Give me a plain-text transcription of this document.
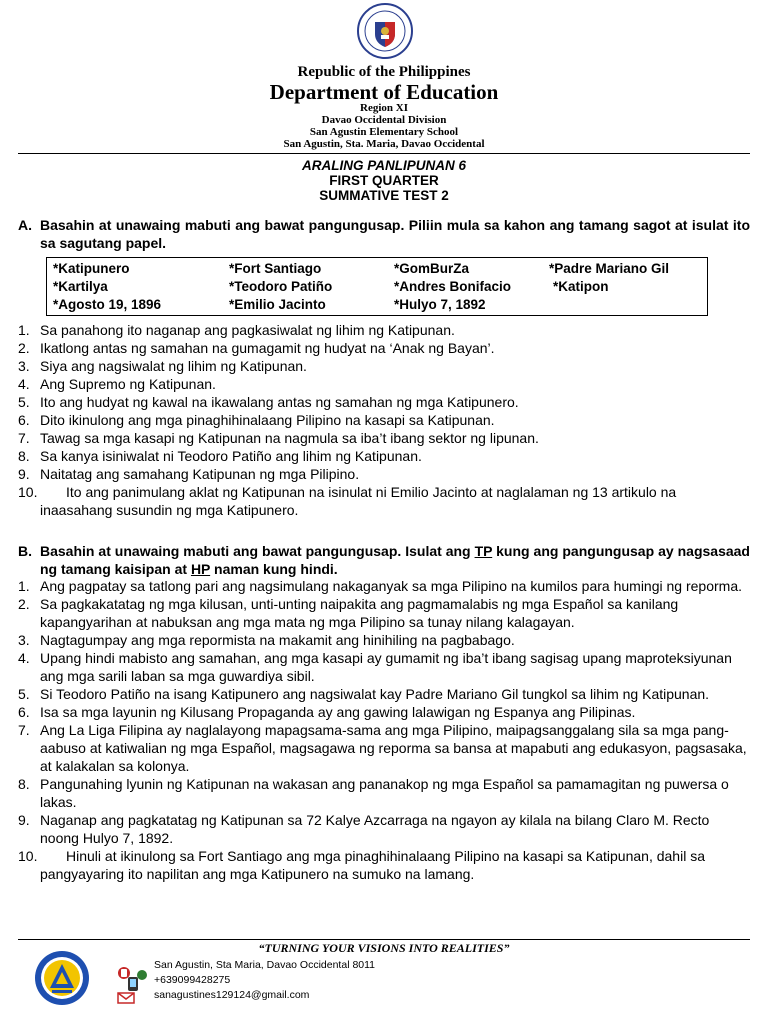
Republic of the Philippines
Department of Education
Region XI
Davao Occidental Division
San Agustin Elementary School
San Agustin, Sta. Maria, Davao Occidental
ARALING PANLIPUNAN 6
FIRST QUARTER
SUMMATIVE TEST 2
A. Basahin at unawaing mabuti ang bawat pangungusap. Piliin mula sa kahon ang tamang sagot at isulat ito sa sagutang papel.
*Katipunero	*Fort Santiago	*GomBurZa	*Padre Mariano Gil
*Kartilya	*Teodoro Patiño	*Andres Bonifacio	*Katipon
*Agosto 19, 1896	*Emilio Jacinto	*Hulyo 7, 1892
1. Sa panahong ito naganap ang pagkasiwalat ng lihim ng Katipunan.
2. Ikatlong antas ng samahan na gumagamit ng hudyat na ‘Anak ng Bayan’.
3. Siya ang nagsiwalat ng lihim ng Katipunan.
4. Ang Supremo ng Katipunan.
5. Ito ang hudyat ng kawal na ikawalang antas ng samahan ng mga Katipunero.
6. Dito ikinulong ang mga pinaghihinalaang Pilipino na kasapi sa Katipunan.
7. Tawag sa mga kasapi ng Katipunan na nagmula sa iba’t ibang sektor ng lipunan.
8. Sa kanya isiniwalat ni Teodoro Patiño ang lihim ng Katipunan.
9. Naitatag ang samahang Katipunan ng mga Pilipino.
10. Ito ang panimulang aklat ng Katipunan na isinulat ni Emilio Jacinto at naglalaman ng 13 artikulo na inaasahang susundin ng mga Katipunero.
B. Basahin at unawaing mabuti ang bawat pangungusap. Isulat ang TP kung ang pangungusap ay nagsasaad ng tamang kaisipan at HP naman kung hindi.
1. Ang pagpatay sa tatlong pari ang nagsimulang nakaganyak sa mga Pilipino na kumilos para humingi ng reporma.
2. Sa pagkakatatag ng mga kilusan, unti-unting naipakita ang pagmamalabis ng mga Español sa kanilang kapangyarihan at nabuksan ang mga mata ng mga Pilipino sa tunay nilang kalagayan.
3. Nagtagumpay ang mga repormista na makamit ang hinihiling na pagbabago.
4. Upang hindi mabisto ang samahan, ang mga kasapi ay gumamit ng iba’t ibang sagisag upang maproteksiyunan ang mga sarili laban sa mga guwardiya sibil.
5. Si Teodoro Patiño na isang Katipunero ang nagsiwalat kay Padre Mariano Gil tungkol sa lihim ng Katipunan.
6. Isa sa mga layunin ng Kilusang Propaganda ay ang gawing lalawigan ng Espanya ang Pilipinas.
7. Ang La Liga Filipina ay naglalayong mapagsama-sama ang mga Pilipino, maipagsanggalang sila sa mga pang-aabuso at katiwalian ng mga Español, magsagawa ng reporma sa bansa at mapabuti ang edukasyon, pagsasaka, at kalakalan sa kolonya.
8. Pangunahing lyunin ng Katipunan na wakasan ang pananakop ng mga Español sa pamamagitan ng puwersa o lakas.
9. Naganap ang pagkatatag ng Katipunan sa 72 Kalye Azcarraga na ngayon ay kilala na bilang Claro M. Recto noong Hulyo 7, 1892.
10. Hinuli at ikinulong sa Fort Santiago ang mga pinaghihinalaang Pilipino na kasapi sa Katipunan, dahil sa pangyayaring ito napilitan ang mga Katipunero na sumuko na lamang.
“TURNING YOUR VISIONS INTO REALITIES”
San Agustin, Sta Maria, Davao Occidental 8011
+639099428275
sanagustines129124@gmail.com
